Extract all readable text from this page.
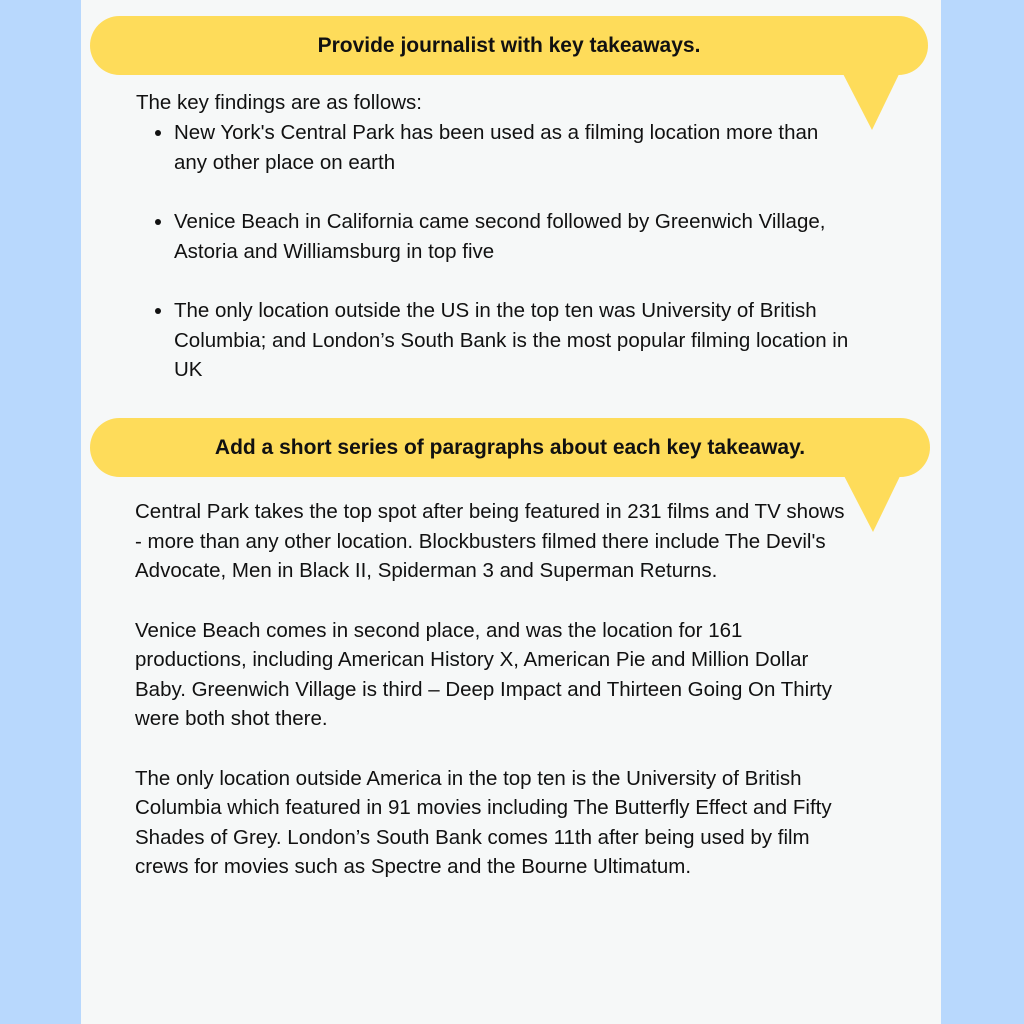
Provide journalist with key takeaways.
The key findings are as follows:
• New York's Central Park has been used as a filming location more than any other place on earth
• Venice Beach in California came second followed by Greenwich Village, Astoria and Williamsburg in top five
• The only location outside the US in the top ten was University of British Columbia; and London’s South Bank is the most popular filming location in UK
Add a short series of paragraphs about each key takeaway.

Central Park takes the top spot after being featured in 231 films and TV shows - more than any other location. Blockbusters filmed there include The Devil's Advocate, Men in Black II, Spiderman 3 and Superman Returns.

Venice Beach comes in second place, and was the location for 161 productions, including American History X, American Pie and Million Dollar Baby. Greenwich Village is third – Deep Impact and Thirteen Going On Thirty were both shot there.

The only location outside America in the top ten is the University of British Columbia which featured in 91 movies including The Butterfly Effect and Fifty Shades of Grey. London’s South Bank comes 11th after being used by film crews for movies such as Spectre and the Bourne Ultimatum.
